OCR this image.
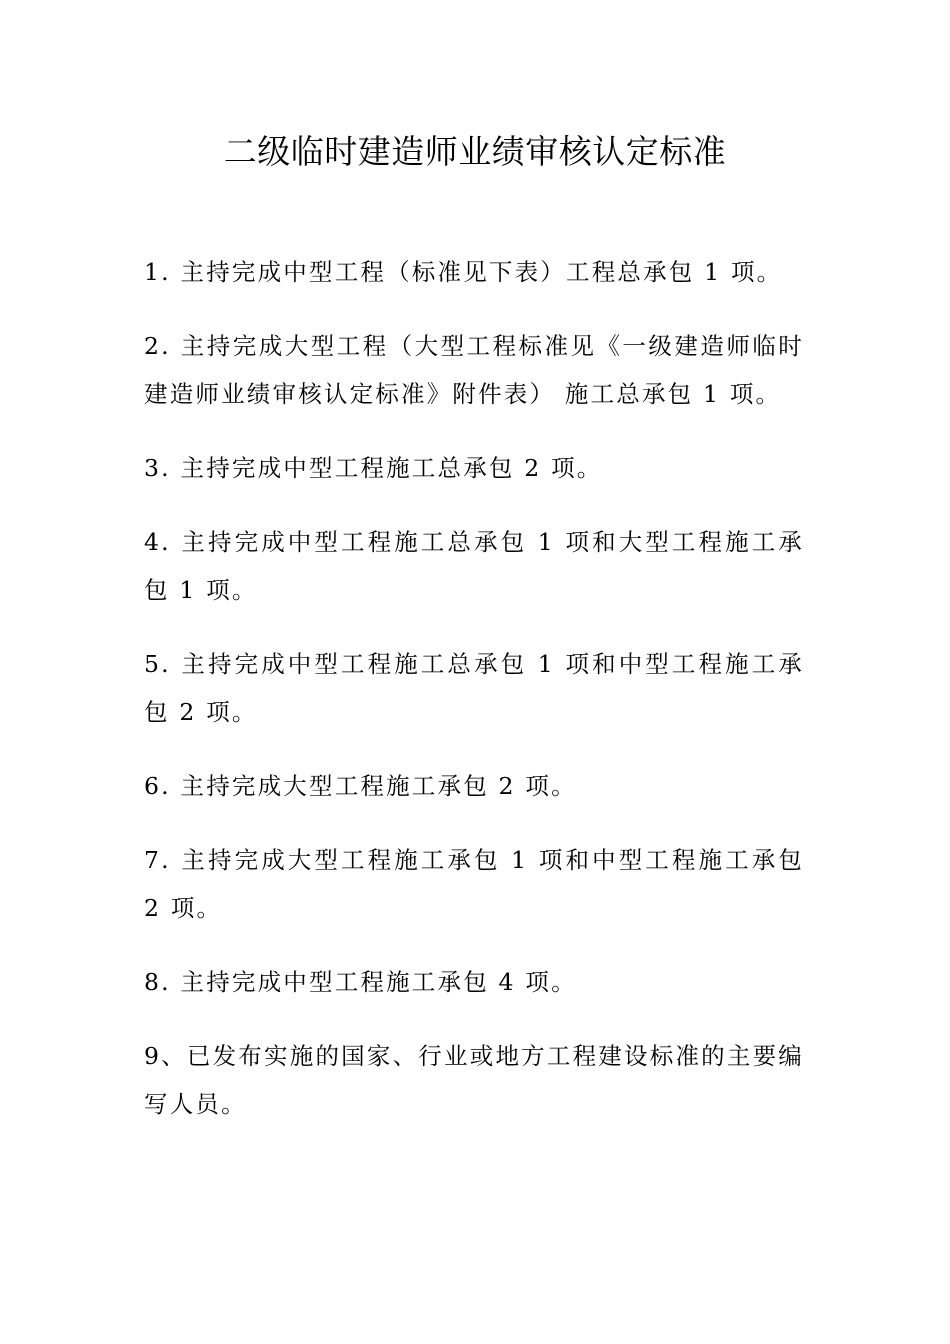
二级临时建造师业绩审核认定标准
1. 主持完成中型工程（标准见下表）工程总承包 1 项。
2. 主持完成大型工程（大型工程标准见《一级建造师临时建造师业绩审核认定标准》附件表） 施工总承包 1 项。
3. 主持完成中型工程施工总承包 2 项。
4. 主持完成中型工程施工总承包 1 项和大型工程施工承包 1 项。
5. 主持完成中型工程施工总承包 1 项和中型工程施工承包 2 项。
6. 主持完成大型工程施工承包 2 项。
7. 主持完成大型工程施工承包 1 项和中型工程施工承包 2 项。
8. 主持完成中型工程施工承包 4 项。
9、已发布实施的国家、行业或地方工程建设标准的主要编写人员。
